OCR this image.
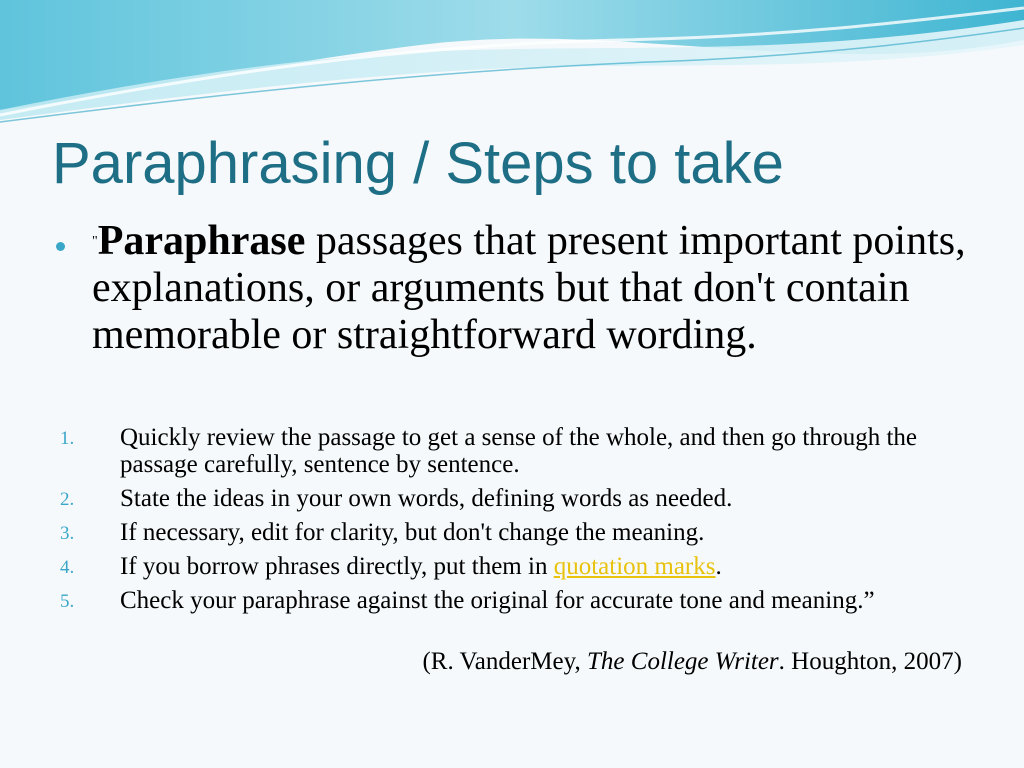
Paraphrasing / Steps to take
"Paraphrase passages that present important points, explanations, or arguments but that don't contain memorable or straightforward wording.
1.	Quickly review the passage to get a sense of the whole, and then go through the passage carefully, sentence by sentence.
2.	State the ideas in your own words, defining words as needed.
3.	If necessary, edit for clarity, but don't change the meaning.
4.	If you borrow phrases directly, put them in quotation marks.
5.	Check your paraphrase against the original for accurate tone and meaning.”
(R. VanderMey, The College Writer. Houghton, 2007)
